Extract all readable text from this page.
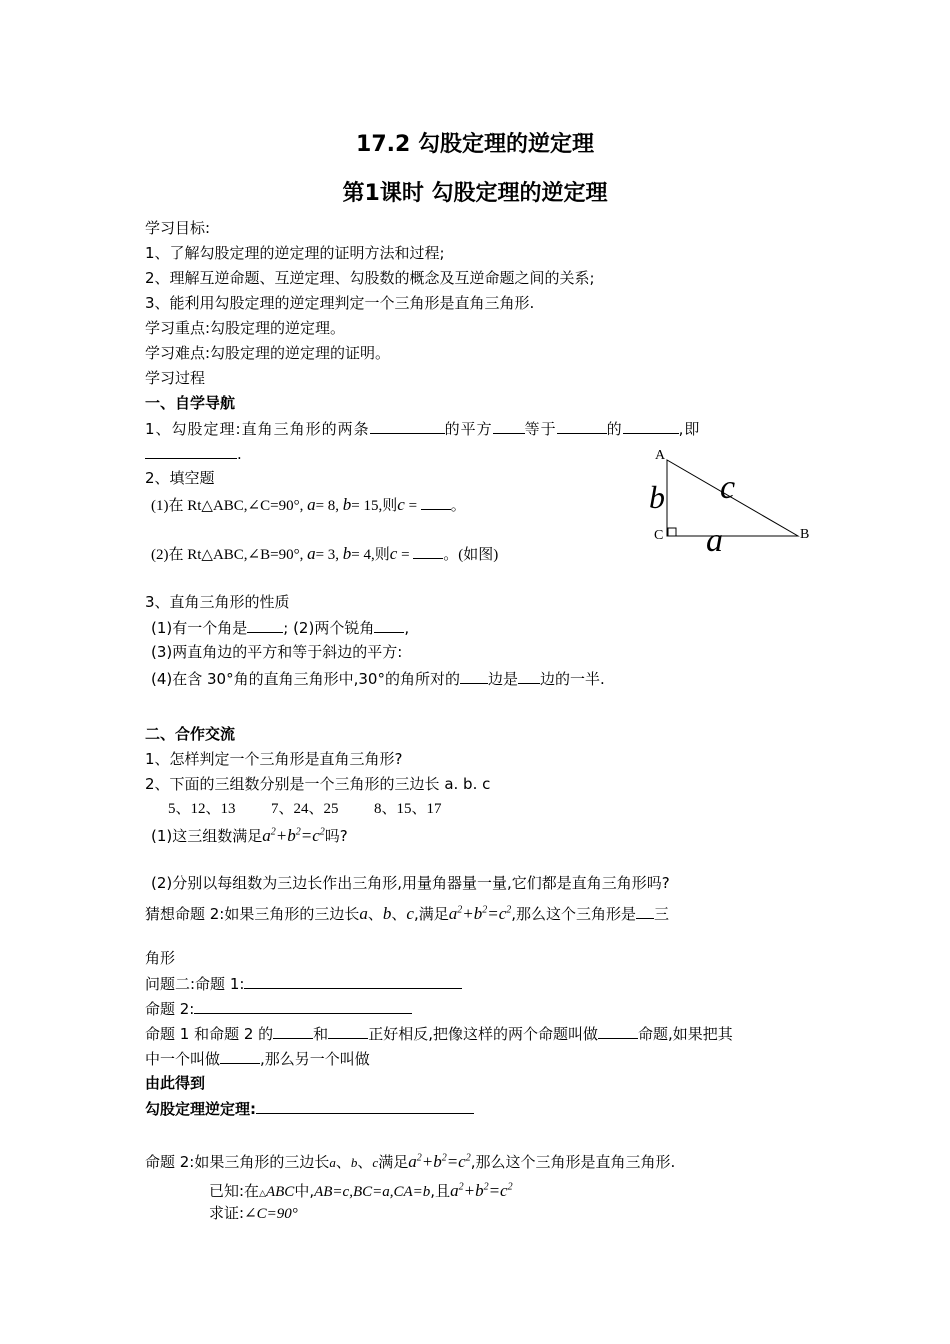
17.2 勾股定理的逆定理
第1课时 勾股定理的逆定理
学习目标:
1、了解勾股定理的逆定理的证明方法和过程;
2、理解互逆命题、互逆定理、勾股数的概念及互逆命题之间的关系;
3、能利用勾股定理的逆定理判定一个三角形是直角三角形.
学习重点:勾股定理的逆定理。
学习难点:勾股定理的逆定理的证明。
学习过程
一、自学导航
1、勾股定理:直角三角形的两条	的平方 等于	的	,即
.
2、填空题
(1)在 Rt△ABC,∠C=90°, a= 8, b= 15,则c = 。
(2)在 Rt△ABC,∠B=90°, a= 3, b= 4,则c = 。(如图)
A
B
C
b c
a
3、直角三角形的性质
(1)有一个角是 ; (2)两个锐角 ,
(3)两直角边的平方和等于斜边的平方:
(4)在含 30°角的直角三角形中,30°的角所对的 边是 边的一半.
二、合作交流
1、怎样判定一个三角形是直角三角形?
2、下面的三组数分别是一个三角形的三边长 a. b. c
5、12、13 7、24、25 8、15、17
(1)这三组数满足$a^2+b^2=c^2$吗?
(2)分别以每组数为三边长作出三角形,用量角器量一量,它们都是直角三角形吗?
猜想命题 2:如果三角形的三边长a、b、c,满足$a^2+b^2=c^2$,那么这个三角形是 三
角形
问题二:命题 1:
命题 2:
命题 1 和命题 2 的	和	正好相反,把像这样的两个命题叫做	命题,如果把其
中一个叫做	,那么另一个叫做
由此得到
勾股定理逆定理:
命题 2:如果三角形的三边长a、b、c满足$a^2+b^2=c^2$,那么这个三角形是直角三角形.
已知:在△ABC中,AB=c,BC=a,CA=b,且$a^2+b^2=c^2$
求证:∠C=90°
